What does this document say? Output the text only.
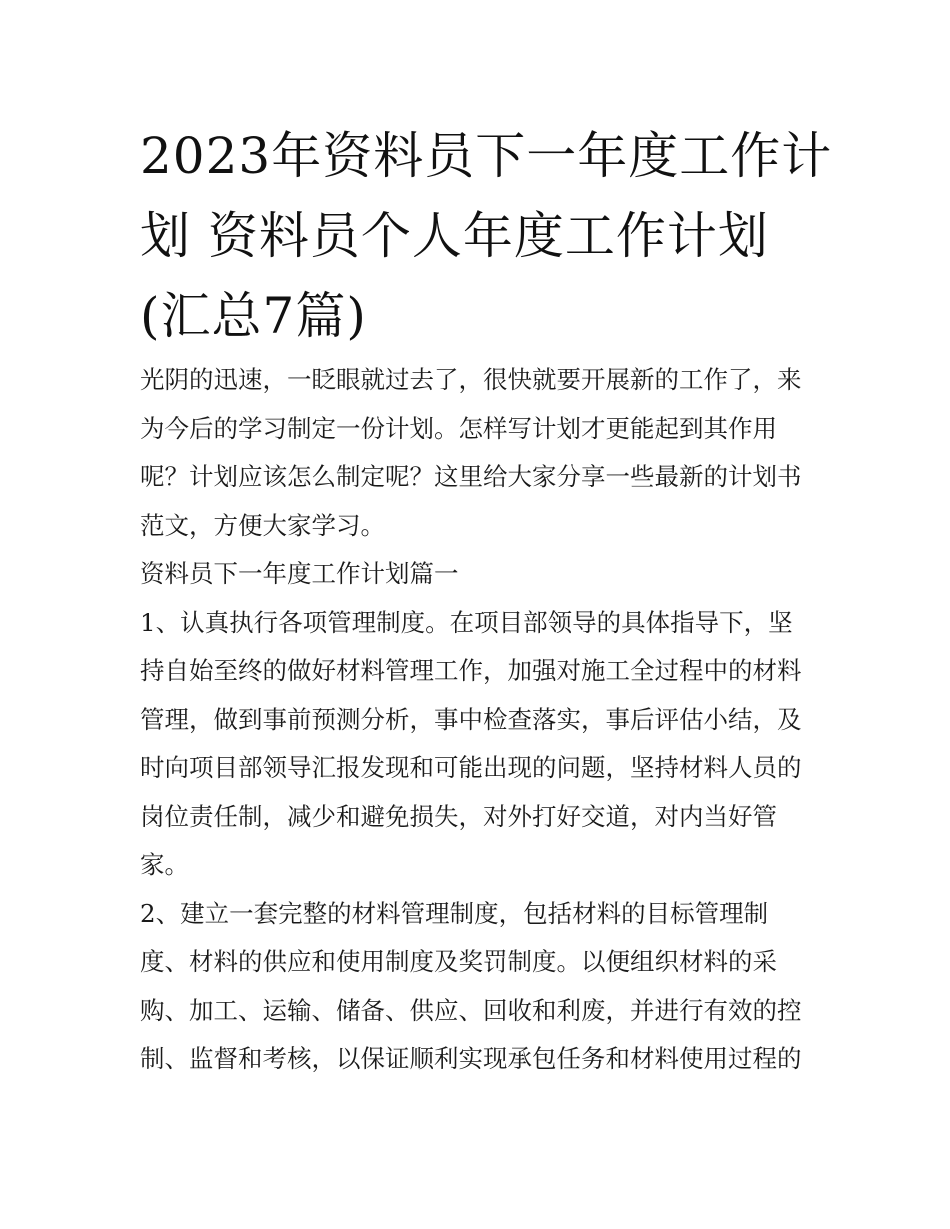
2023年资料员下一年度工作计
划 资料员个人年度工作计划
(汇总7篇)
光阴的迅速，一眨眼就过去了，很快就要开展新的工作了，来
为今后的学习制定一份计划。怎样写计划才更能起到其作用
呢？计划应该怎么制定呢？这里给大家分享一些最新的计划书
范文，方便大家学习。
资料员下一年度工作计划篇一
1、认真执行各项管理制度。在项目部领导的具体指导下，坚
持自始至终的做好材料管理工作，加强对施工全过程中的材料
管理，做到事前预测分析，事中检查落实，事后评估小结，及
时向项目部领导汇报发现和可能出现的问题，坚持材料人员的
岗位责任制，减少和避免损失，对外打好交道，对内当好管
家。
2、建立一套完整的材料管理制度，包括材料的目标管理制
度、材料的供应和使用制度及奖罚制度。以便组织材料的采
购、加工、运输、储备、供应、回收和利废，并进行有效的控
制、监督和考核，以保证顺利实现承包任务和材料使用过程的
